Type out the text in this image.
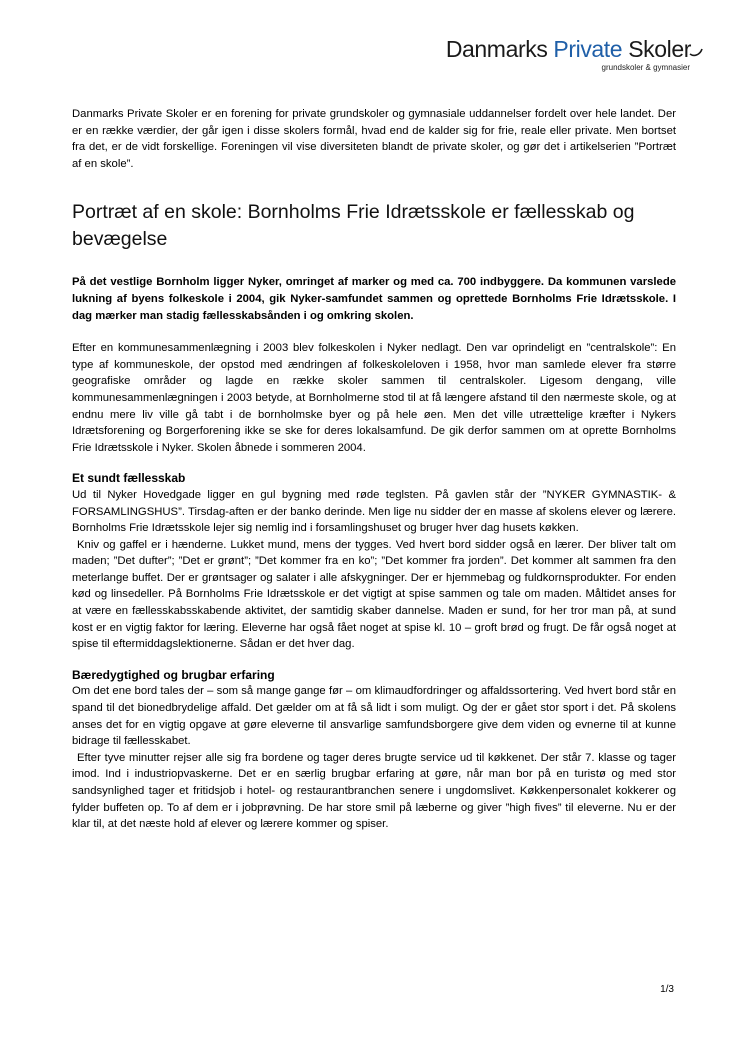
Danmarks Private Skoler
grundskoler & gymnasier

Danmarks Private Skoler er en forening for private grundskoler og gymnasiale uddannelser fordelt over hele landet. Der er en række værdier, der går igen i disse skolers formål, hvad end de kalder sig for frie, reale eller private. Men bortset fra det, er de vidt forskellige. Foreningen vil vise diversiteten blandt de private skoler, og gør det i artikelserien ”Portræt af en skole”.

Portræt af en skole: Bornholms Frie Idrætsskole er fællesskab og bevægelse

På det vestlige Bornholm ligger Nyker, omringet af marker og med ca. 700 indbyggere. Da kommunen varslede lukning af byens folkeskole i 2004, gik Nyker-samfundet sammen og oprettede Bornholms Frie Idrætsskole. I dag mærker man stadig fællesskabsånden i og omkring skolen.

Efter en kommunesammenlægning i 2003 blev folkeskolen i Nyker nedlagt. Den var oprindeligt en ”centralskole”: En type af kommuneskole, der opstod med ændringen af folkeskoleloven i 1958, hvor man samlede elever fra større geografiske områder og lagde en række skoler sammen til centralskoler. Ligesom dengang, ville kommunesammenlægningen i 2003 betyde, at Bornholmerne stod til at få længere afstand til den nærmeste skole, og at endnu mere liv ville gå tabt i de bornholmske byer og på hele øen. Men det ville utrættelige kræfter i Nykers Idrætsforening og Borgerforening ikke se ske for deres lokalsamfund. De gik derfor sammen om at oprette Bornholms Frie Idrætsskole i Nyker. Skolen åbnede i sommeren 2004.

Et sundt fællesskab

Ud til Nyker Hovedgade ligger en gul bygning med røde teglsten. På gavlen står der ”NYKER GYMNASTIK- & FORSAMLINGSHUS”. Tirsdag-aften er der banko derinde. Men lige nu sidder der en masse af skolens elever og lærere. Bornholms Frie Idrætsskole lejer sig nemlig ind i forsamlingshuset og bruger hver dag husets køkken.

Kniv og gaffel er i hænderne. Lukket mund, mens der tygges. Ved hvert bord sidder også en lærer. Der bliver talt om maden; ”Det dufter”; ”Det er grønt”; ”Det kommer fra en ko”; ”Det kommer fra jorden”. Det kommer alt sammen fra den meterlange buffet. Der er grøntsager og salater i alle afskygninger. Der er hjemmebag og fuldkornsprodukter. For enden kød og linsedeller. På Bornholms Frie Idrætsskole er det vigtigt at spise sammen og tale om maden. Måltidet anses for at være en fællesskabsskabende aktivitet, der samtidig skaber dannelse. Maden er sund, for her tror man på, at sund kost er en vigtig faktor for læring. Eleverne har også fået noget at spise kl. 10 – groft brød og frugt. De får også noget at spise til eftermiddagslektionerne. Sådan er det hver dag.

Bæredygtighed og brugbar erfaring

Om det ene bord tales der – som så mange gange før – om klimaudfordringer og affaldssortering. Ved hvert bord står en spand til det bionedbrydelige affald. Det gælder om at få så lidt i som muligt. Og der er gået stor sport i det. På skolens anses det for en vigtig opgave at gøre eleverne til ansvarlige samfundsborgere give dem viden og evnerne til at kunne bidrage til fællesskabet.

Efter tyve minutter rejser alle sig fra bordene og tager deres brugte service ud til køkkenet. Der står 7. klasse og tager imod. Ind i industriopvaskerne. Det er en særlig brugbar erfaring at gøre, når man bor på en turistø og med stor sandsynlighed tager et fritidsjob i hotel- og restaurantbranchen senere i ungdomslivet. Køkkenpersonalet kokkerer og fylder buffeten op. To af dem er i jobprøvning. De har store smil på læberne og giver ”high fives” til eleverne. Nu er der klar til, at det næste hold af elever og lærere kommer og spiser.

1/3
